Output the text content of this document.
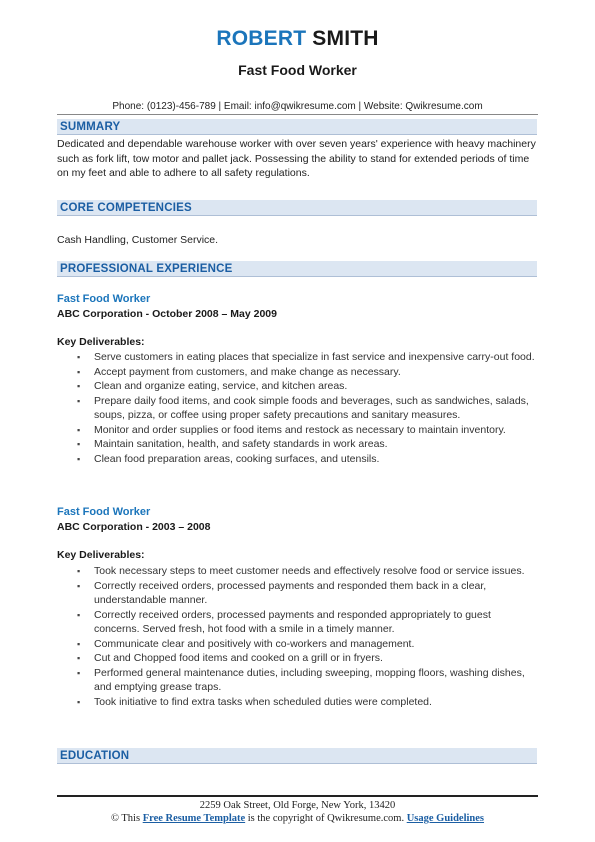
ROBERT SMITH
Fast Food Worker
Phone: (0123)-456-789 | Email: info@qwikresume.com | Website: Qwikresume.com
SUMMARY
Dedicated and dependable warehouse worker with over seven years' experience with heavy machinery such as fork lift, tow motor and pallet jack. Possessing the ability to stand for extended periods of time on my feet and able to adhere to all safety regulations.
CORE COMPETENCIES
Cash Handling, Customer Service.
PROFESSIONAL EXPERIENCE
Fast Food Worker
ABC Corporation - October 2008 – May 2009
Key Deliverables:
▪ Serve customers in eating places that specialize in fast service and inexpensive carry-out food.
▪ Accept payment from customers, and make change as necessary.
▪ Clean and organize eating, service, and kitchen areas.
▪ Prepare daily food items, and cook simple foods and beverages, such as sandwiches, salads, soups, pizza, or coffee using proper safety precautions and sanitary measures.
▪ Monitor and order supplies or food items and restock as necessary to maintain inventory.
▪ Maintain sanitation, health, and safety standards in work areas.
▪ Clean food preparation areas, cooking surfaces, and utensils.
Fast Food Worker
ABC Corporation - 2003 – 2008
Key Deliverables:
▪ Took necessary steps to meet customer needs and effectively resolve food or service issues.
▪ Correctly received orders, processed payments and responded them back in a clear, understandable manner.
▪ Correctly received orders, processed payments and responded appropriately to guest concerns. Served fresh, hot food with a smile in a timely manner.
▪ Communicate clear and positively with co-workers and management.
▪ Cut and Chopped food items and cooked on a grill or in fryers.
▪ Performed general maintenance duties, including sweeping, mopping floors, washing dishes, and emptying grease traps.
▪ Took initiative to find extra tasks when scheduled duties were completed.
EDUCATION
2259 Oak Street, Old Forge, New York, 13420
© This Free Resume Template is the copyright of Qwikresume.com. Usage Guidelines
